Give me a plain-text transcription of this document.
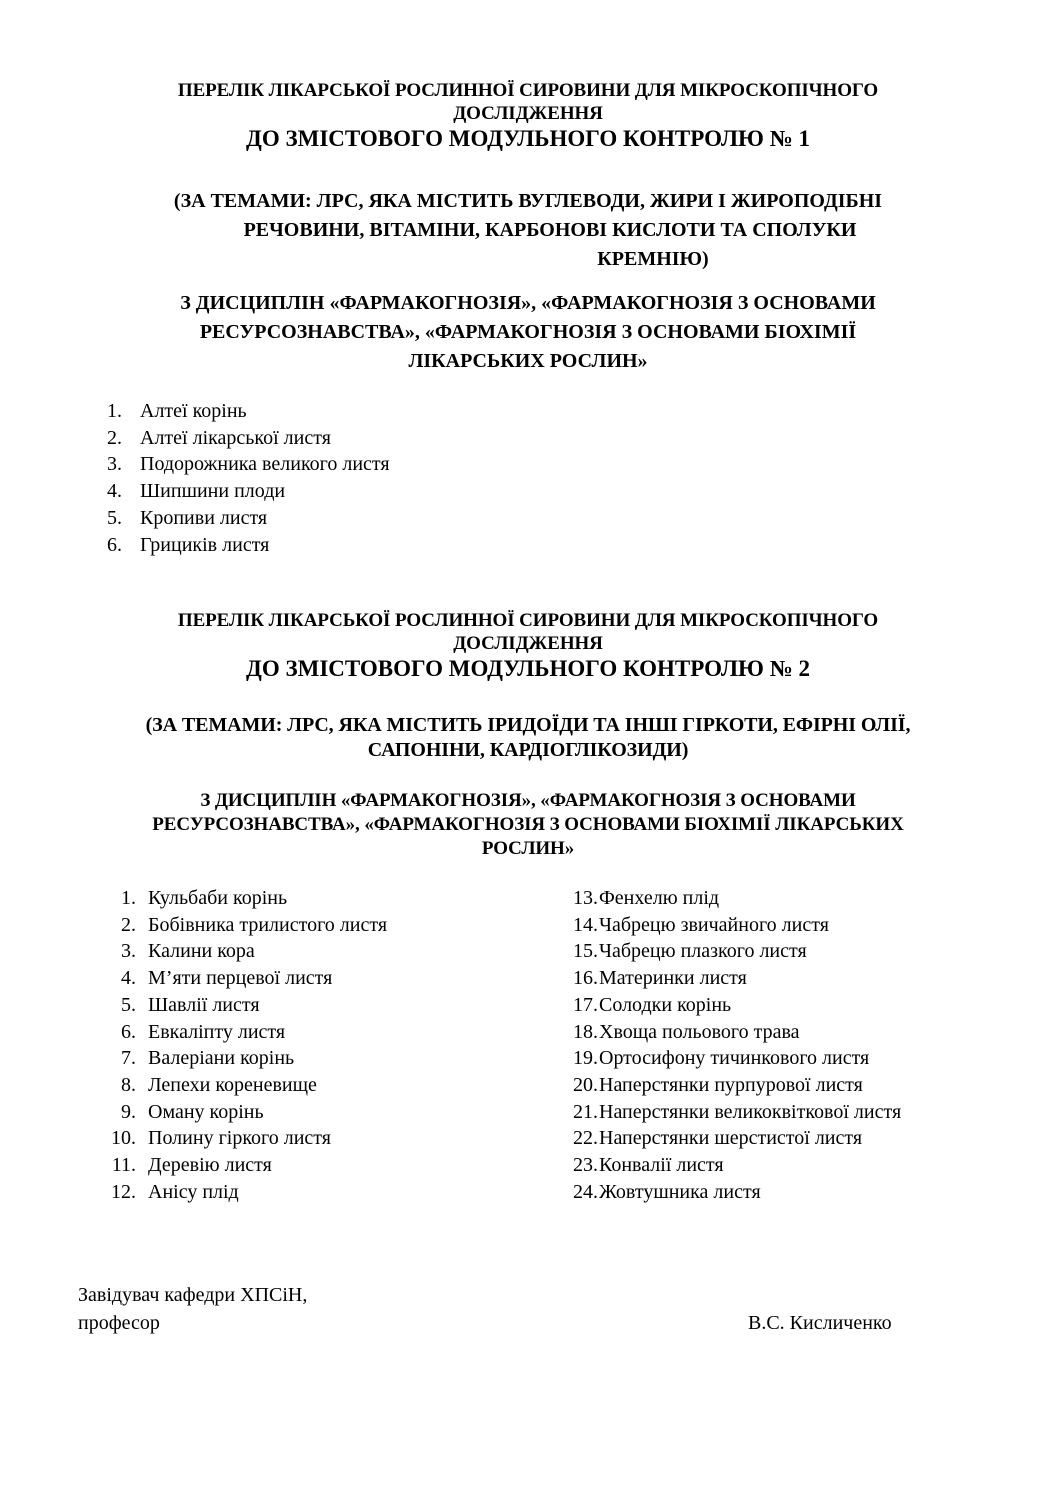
ПЕРЕЛІК ЛІКАРСЬКОЇ РОСЛИННОЇ СИРОВИНИ ДЛЯ МІКРОСКОПІЧНОГО
ДОСЛІДЖЕННЯ
ДО ЗМІСТОВОГО МОДУЛЬНОГО КОНТРОЛЮ № 1
(ЗА ТЕМАМИ: ЛРС, ЯКА МІСТИТЬ ВУГЛЕВОДИ, ЖИРИ І ЖИРОПОДІБНІ
РЕЧОВИНИ, ВІТАМІНИ, КАРБОНОВІ КИСЛОТИ ТА СПОЛУКИ
КРЕМНІЮ)
З ДИСЦИПЛІН «ФАРМАКОГНОЗІЯ», «ФАРМАКОГНОЗІЯ З ОСНОВАМИ
РЕСУРСОЗНАВСТВА», «ФАРМАКОГНОЗІЯ З ОСНОВАМИ БІОХІМІЇ
ЛІКАРСЬКИХ РОСЛИН»
1. Алтеї корінь
2. Алтеї лікарської листя
3. Подорожника великого листя
4. Шипшини плоди
5. Кропиви листя
6. Грициків листя
ПЕРЕЛІК ЛІКАРСЬКОЇ РОСЛИННОЇ СИРОВИНИ ДЛЯ МІКРОСКОПІЧНОГО
ДОСЛІДЖЕННЯ
ДО ЗМІСТОВОГО МОДУЛЬНОГО КОНТРОЛЮ № 2
(ЗА ТЕМАМИ: ЛРС, ЯКА МІСТИТЬ ІРИДОЇДИ ТА ІНШІ ГІРКОТИ, ЕФІРНІ ОЛІЇ,
САПОНІНИ, КАРДІОГЛІКОЗИДИ)
З ДИСЦИПЛІН «ФАРМАКОГНОЗІЯ», «ФАРМАКОГНОЗІЯ З ОСНОВАМИ
РЕСУРСОЗНАВСТВА», «ФАРМАКОГНОЗІЯ З ОСНОВАМИ БІОХІМІЇ ЛІКАРСЬКИХ
РОСЛИН»
1. Кульбаби корінь
2. Бобівника трилистого листя
3. Калини кора
4. М’яти перцевої листя
5. Шавлії листя
6. Евкаліпту листя
7. Валеріани корінь
8. Лепехи кореневище
9. Оману корінь
10. Полину гіркого листя
11. Деревію листя
12. Анісу плід
13.Фенхелю плід
14.Чабрецю звичайного листя
15.Чабрецю плазкого листя
16.Материнки листя
17.Солодки корінь
18.Хвоща польового трава
19.Ортосифону тичинкового листя
20.Наперстянки пурпурової листя
21.Наперстянки великоквіткової листя
22.Наперстянки шерстистої листя
23.Конвалії листя
24.Жовтушника листя
Завідувач кафедри ХПСіН,
професор	В.С. Кисличенко
